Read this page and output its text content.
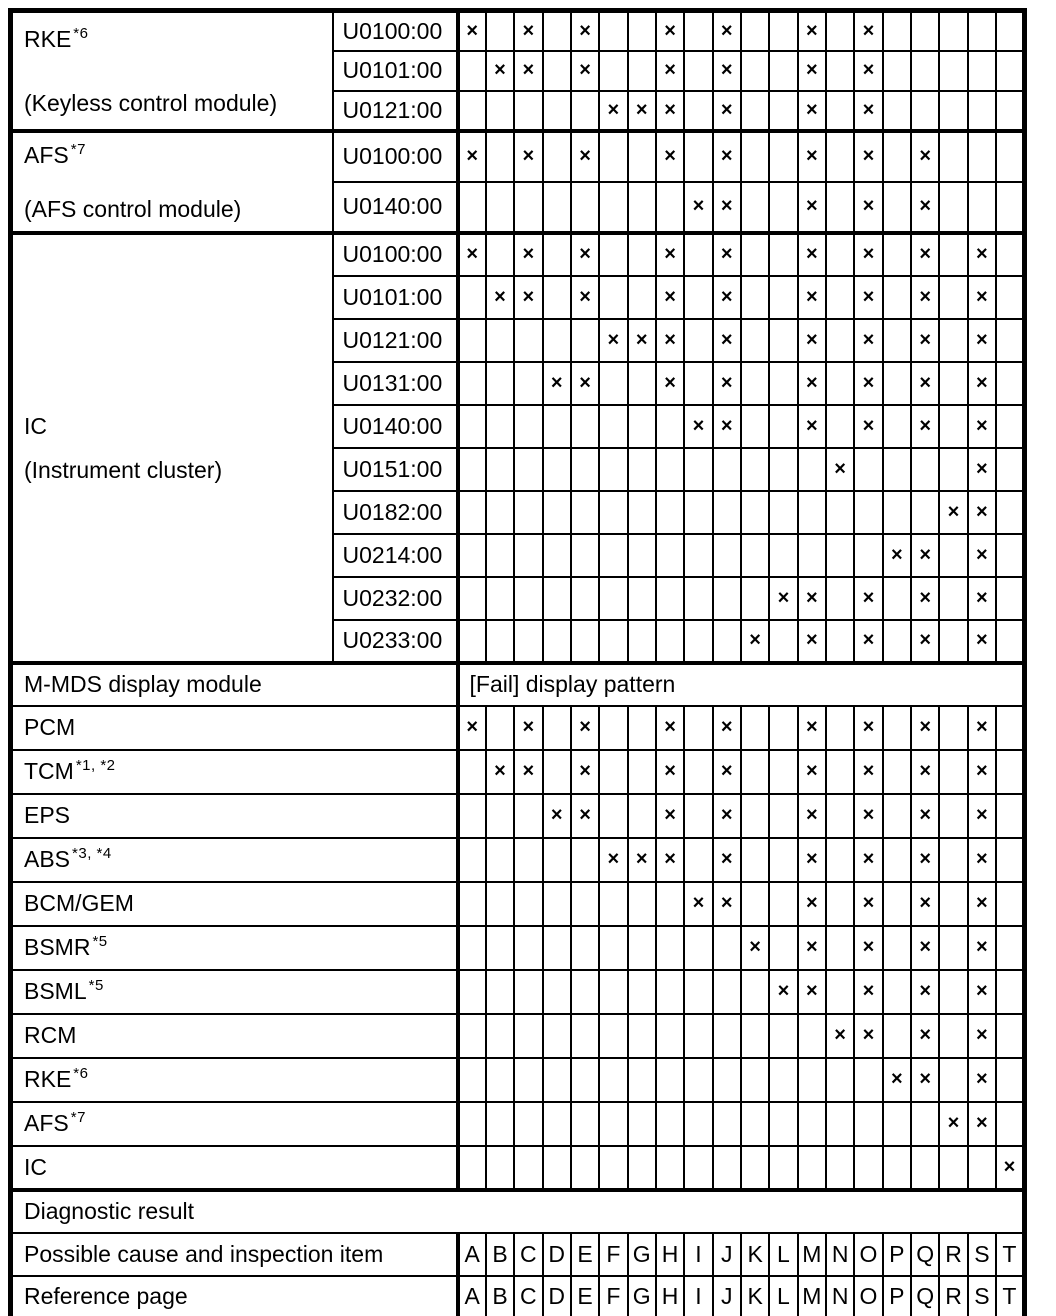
RKE $^{*6}$
(Keyless control module)	U0100:00	×		×		×			×		×			×		×					
	U0101:00		×	×		×			×		×			×		×					
	U0121:00						×	×	×		×			×		×					

AFS $^{*7}$
(AFS control module)	U0100:00	×		×		×			×		×			×		×		×			
	U0140:00									×	×			×		×		×			

IC
(Instrument cluster)	U0100:00	×		×		×			×		×			×		×		×		×	
	U0101:00		×	×		×			×		×			×		×		×		×	
	U0121:00						×	×	×		×			×		×		×		×	
	U0131:00				×	×			×		×			×		×		×		×	
	U0140:00									×	×			×		×		×		×	
	U0151:00														×					×	
	U0182:00																		×	×	
	U0214:00																×	×		×	
	U0232:00												×	×		×		×		×	
	U0233:00											×		×		×		×		×	
M-MDS display module		[Fail] display pattern																			
PCM		×		×		×			×		×			×		×		×		×	
TCM $^{*1, *2}$			×	×		×			×		×			×		×		×		×	
EPS					×	×			×		×			×		×		×		×	
ABS $^{*3, *4}$							×	×	×		×			×		×		×		×	
BCM/GEM										×	×			×		×		×		×	
BSMR $^{*5}$												×		×		×		×		×	
BSML $^{*5}$													×	×		×		×		×	
RCM															×	×		×		×	
RKE $^{*6}$																	×	×		×	
AFS $^{*7}$																			×	×	
IC																					×
Diagnostic result																					
Possible cause and inspection item		A	B	C	D	E	F	G	H	I	J	K	L	M	N	O	P	Q	R	S	T
Reference page		A	B	C	D	E	F	G	H	I	J	K	L	M	N	O	P	Q	R	S	T
